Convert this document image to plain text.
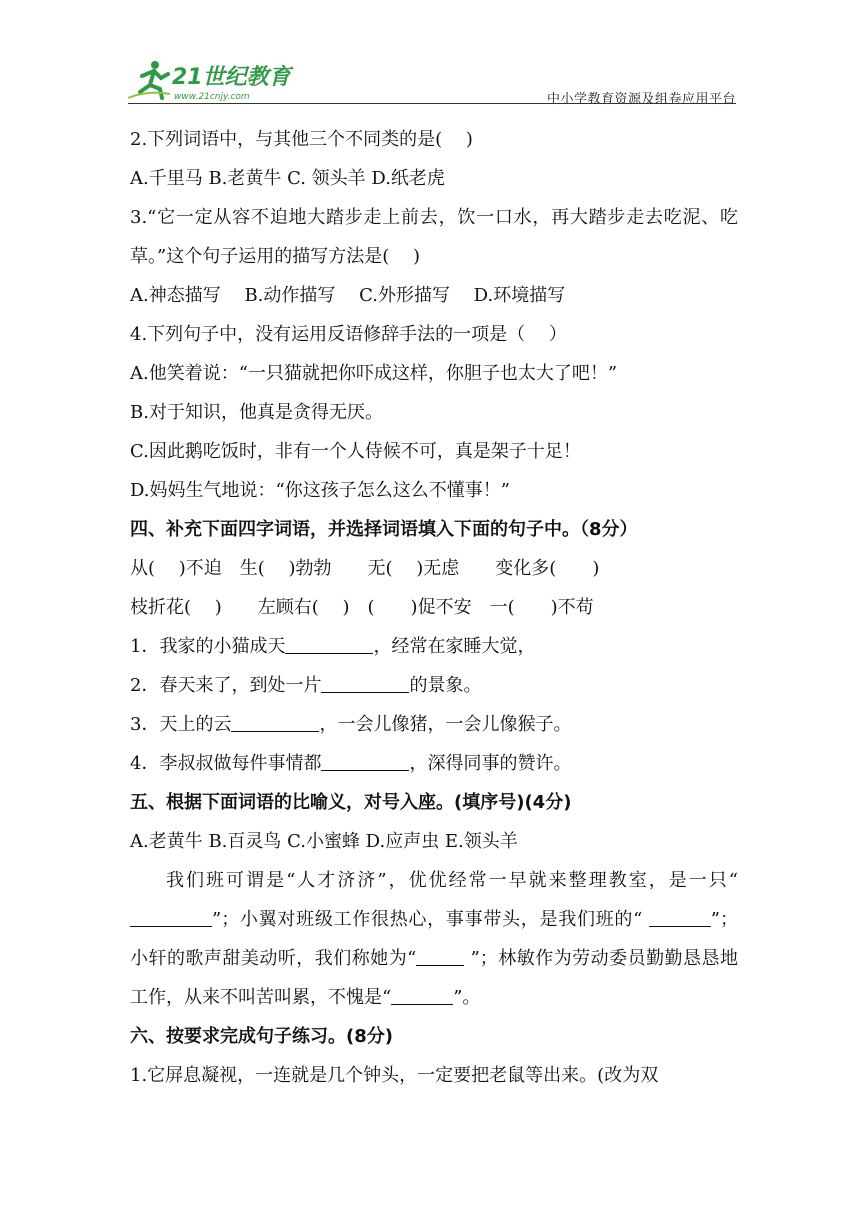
21世纪教育
www.21cnjy.com	中小学教育资源及组卷应用平台
2.下列词语中，与其他三个不同类的是(　 )
A.千里马 B.老黄牛 C. 领头羊 D.纸老虎
3.“它一定从容不迫地大踏步走上前去，饮一口水，再大踏步走去吃泥、吃草。”这个句子运用的描写方法是(　 )
A.神态描写　 B.动作描写　 C.外形描写　 D.环境描写
4.下列句子中，没有运用反语修辞手法的一项是（　 ）
A.他笑着说：“一只猫就把你吓成这样，你胆子也太大了吧！”
B.对于知识，他真是贪得无厌。
C.因此鹅吃饭时，非有一个人侍候不可，真是架子十足！
D.妈妈生气地说：“你这孩子怎么这么不懂事！”
四、补充下面四字词语，并选择词语填入下面的句子中。（8分）
从(　 )不迫　生(　 )勃勃　　无(　 )无虑　　变化多(　　)
枝折花(　 )　　左顾右(　 )　(　　)促不安　一(　　)不苟
1．我家的小猫成天	，经常在家睡大觉，
2．春天来了，到处一片	的景象。
3．天上的云	，一会儿像猪，一会儿像猴子。
4．李叔叔做每件事情都	，深得同事的赞许。
五、根据下面词语的比喻义，对号入座。(填序号)(4分)
A.老黄牛 B.百灵鸟 C.小蜜蜂 D.应声虫 E.领头羊
我们班可谓是“人才济济”，优优经常一早就来整理教室，是一只“”；小翼对班级工作很热心，事事带头，是我们班的“	”；小轩的歌声甜美动听，我们称她为“	”；林敏作为劳动委员勤勤恳恳地工作，从来不叫苦叫累，不愧是“	”。
六、按要求完成句子练习。(8分)
1.它屏息凝视，一连就是几个钟头，一定要把老鼠等出来。(改为双
